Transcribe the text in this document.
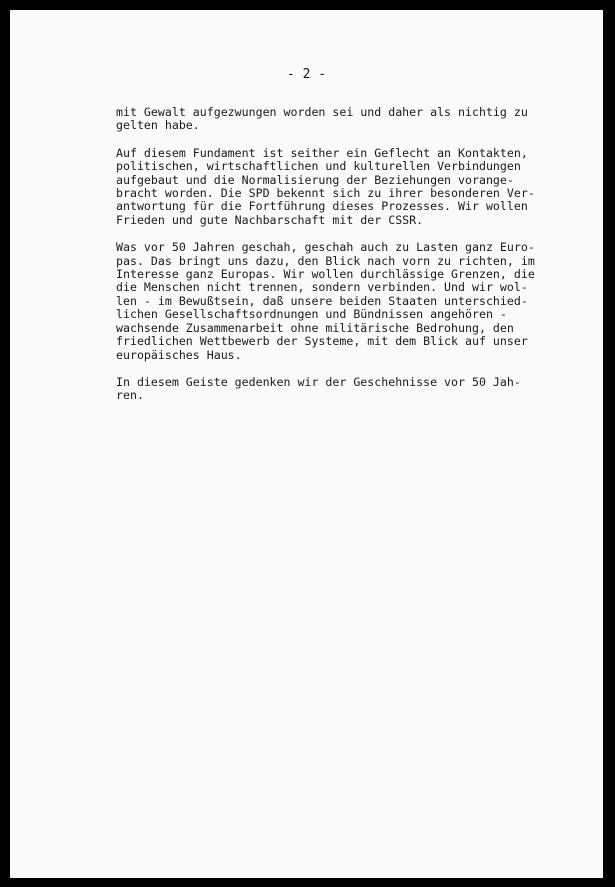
- 2 -

mit Gewalt aufgezwungen worden sei und daher als nichtig zu
gelten habe.

Auf diesem Fundament ist seither ein Geflecht an Kontakten,
politischen, wirtschaftlichen und kulturellen Verbindungen
aufgebaut und die Normalisierung der Beziehungen vorange-
bracht worden. Die SPD bekennt sich zu ihrer besonderen Ver-
antwortung für die Fortführung dieses Prozesses. Wir wollen
Frieden und gute Nachbarschaft mit der CSSR.

Was vor 50 Jahren geschah, geschah auch zu Lasten ganz Euro-
pas. Das bringt uns dazu, den Blick nach vorn zu richten, im
Interesse ganz Europas. Wir wollen durchlässige Grenzen, die
die Menschen nicht trennen, sondern verbinden. Und wir wol-
len - im Bewußtsein, daß unsere beiden Staaten unterschied-
lichen Gesellschaftsordnungen und Bündnissen angehören -
wachsende Zusammenarbeit ohne militärische Bedrohung, den
friedlichen Wettbewerb der Systeme, mit dem Blick auf unser
europäisches Haus.

In diesem Geiste gedenken wir der Geschehnisse vor 50 Jah-
ren.
